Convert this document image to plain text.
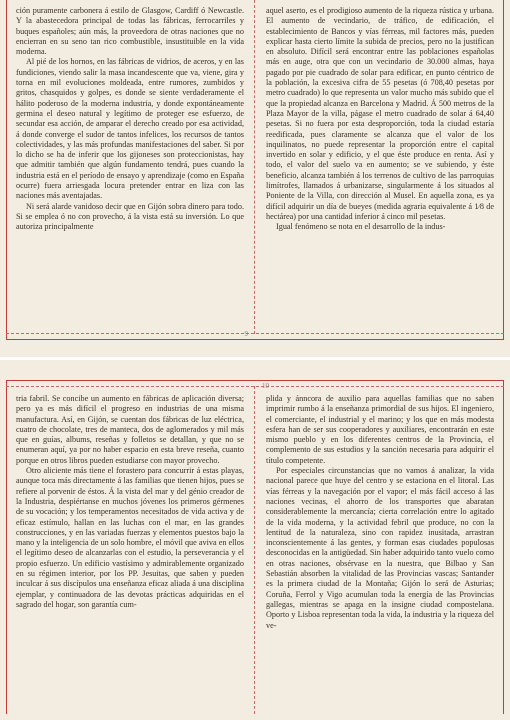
ción puramente carbonera á estilo de Glasgow, Cardiff ó Newcastle. Y la abastecedora principal de todas las fábricas, ferrocarriles y buques españoles; aún más, la proveedora de otras naciones que no encierran en su seno tan rico combustible, insustituible en la vida moderna.

Al pié de los hornos, en las fábricas de vidrios, de aceros, y en las fundiciones, viendo salir la masa incandescente que va, viene, gira y torna en mil evoluciones moldeada, entre rumores, zumbidos y gritos, chasquidos y golpes, es donde se siente verdaderamente el hálito poderoso de la moderna industria, y donde expontáneamente germina el deseo natural y legítimo de proteger ese esfuerzo, de secundar esa acción, de amparar el derecho creado por esa actividad, á donde converge el sudor de tantos infelices, los recursos de tantos colectividades, y las más profundas manifestaciones del saber. Si por lo dicho se ha de inferir que los gijoneses son proteccionistas, hay que admitir también que algún fundamento tendrá, pues cuando la industria está en el período de ensayo y aprendizaje (como en España ocurre) fuera arriesgada locura pretender entrar en liza con las naciones más aventajadas.

Ni será alarde vanidoso decir que en Gijón sobra dinero para todo. Si se emplea ó no con provecho, á la vista está su inversión. Lo que autoriza principalmente

aquel aserto, es el prodigioso aumento de la riqueza rústica y urbana. El aumento de vecindario, de tráfico, de edificación, el establecimiento de Bancos y vías férreas, mil factores más, pueden explicar hasta cierto límite la subida de precios, pero no la justifican en absoluto. Difícil será encontrar entre las poblaciones españolas más en auge, otra que con un vecindario de 30.000 almas, haya pagado por pie cuadrado de solar para edificar, en punto céntrico de la población, la excesiva cifra de 55 pesetas (ó 708,40 pesetas por metro cuadrado) lo que representa un valor mucho más subido que el que la propiedad alcanza en Barcelona y Madrid. Á 500 metros de la Plaza Mayor de la villa, págase el metro cuadrado de solar á 64,40 pesetas. Si no fuera por esta desproporción, toda la ciudad estaría reedificada, pues claramente se alcanza que el valor de los inquilinatos, no puede representar la proporción entre el capital invertido en solar y edificio, y el que éste produce en renta. Así y todo, el valor del suelo va en aumento; se ve subiendo, y éste beneficio, alcanza también á los terrenos de cultivo de las parroquias limítrofes, llamados á urbanizarse, singularmente á los situados al Poniente de la Villa, con dirección al Musel. En aquella zona, es ya difícil adquirir un día de bueyes (medida agraria equivalente á 1⁄8 de hectárea) por una cantidad inferior á cinco mil pesetas.

Igual fenómeno se nota en el desarrollo de la indus-

9

tria fabril. Se concibe un aumento en fábricas de aplicación diversa; pero ya es más difícil el progreso en industrias de una misma manufactura. Así, en Gijón, se cuentan dos fábricas de luz eléctrica, cuatro de chocolate, tres de mantecа, dos de aglomerados y mil más que en guías, albums, reseñas y folletos se detallan, y que no se enumeran aquí, ya por no haber espacio en esta breve reseña, cuanto porque en otros libros pueden estudiarse con mayor provecho.

Otro aliciente más tiene el forastero para concurrir á estas playas, aunque toca más directamente á las familias que tienen hijos, pues se refiere al porvenir de éstos. Á la vista del mar y del génio creador de la Industria, despiértanse en muchos jóvenes los primeros gérmenes de su vocación; y los temperamentos necesitados de vida activa y de eficaz estímulo, hallan en las luchas con el mar, en las grandes construcciones, y en las variadas fuerzas y elementos puestos bajo la mano y la inteligencia de un solo hombre, el móvil que aviva en ellos el legítimo deseo de alcanzarlas con el estudio, la perseverancia y el propio esfuerzo. Un edificio vastísimo y admirablemente organizado en su régimen interior, por los PP. Jesuitas, que saben y pueden inculcar á sus discípulos una enseñanza eficaz aliada á una disciplina ejemplar, y continuadora de las devotas prácticas adquiridas en el sagrado del hogar, son garantía cum-

plida y ánncora de auxilio para aquellas familias que no saben imprimir rumbo á la enseñanza primordial de sus hijos. El ingeniero, el comerciante, el industrial y el marino; y los que en más modesta esfera han de ser sus cooperadores y auxiliares, encontrarán en este mismo pueblo y en los diferentes centros de la Provincia, el complemento de sus estudios y la sanción necesaria para adquirir el título competente.

Por especiales circunstancias que no vamos á analizar, la vida nacional parece que huye del centro y se estaciona en el litoral. Las vías férreas y la navegación por el vapor; el más fácil acceso á las naciones vecinas, el ahorro de los transportes que abaratan considerablemente la mercancía; cierta correlación entre lo agitado de la vida moderna, y la actividad febril que produce, no con la lentitud de la naturaleza, sino con rapidez inusitada, arrastran inconscientemente á las gentes, y forman esas ciudades populosas desconocidas en la antigüedad. Sin haber adquirido tanto vuelo como en otras naciones, obsérvase en la nuestra, que Bilbao y San Sebastián absorben la vitalidad de las Provincias vascas; Santander es la primera ciudad de la Montaña; Gijón lo será de Asturias; Coruña, Ferrol y Vigo acumulan toda la energía de las Provincias gallegas, mientras se apaga en la insigne ciudad compostelana. Oporto y Lisboa representan toda la vida, la industria y la riqueza del ve-

10
